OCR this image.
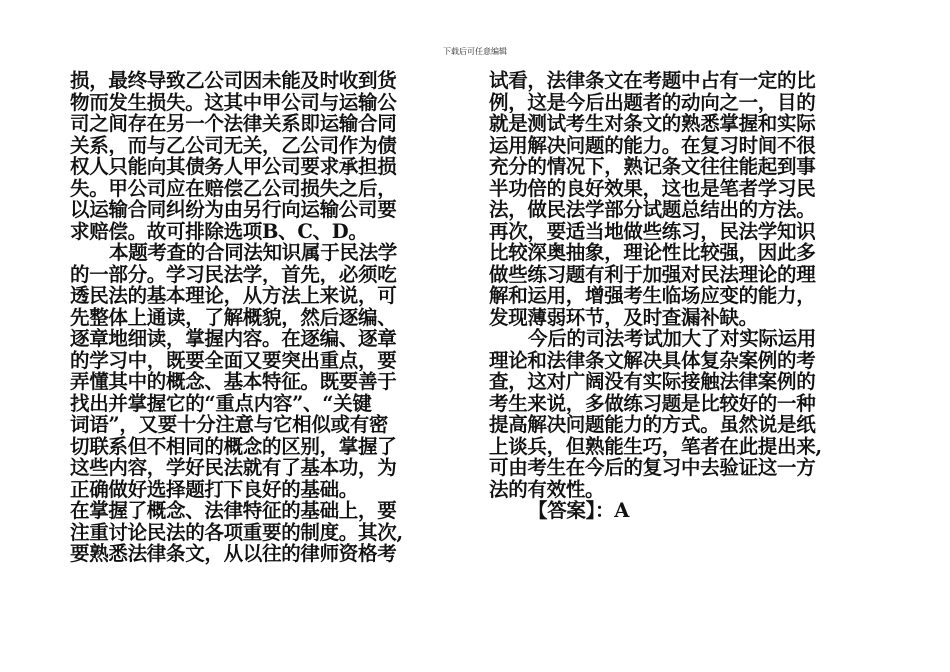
下载后可任意编辑
损，最终导致乙公司因未能及时收到货
物而发生损失。这其中甲公司与运输公
司之间存在另一个法律关系即运输合同
关系，而与乙公司无关，乙公司作为债
权人只能向其债务人甲公司要求承担损
失。甲公司应在赔偿乙公司损失之后，
以运输合同纠纷为由另行向运输公司要
求赔偿。故可排除选项B、C、D。
本题考查的合同法知识属于民法学
的一部分。学习民法学，首先，必须吃
透民法的基本理论，从方法上来说，可
先整体上通读，了解概貌，然后逐编、
逐章地细读，掌握内容。在逐编、逐章
的学习中，既要全面又要突出重点，要
弄懂其中的概念、基本特征。既要善于
找出并掌握它的“重点内容”、“关键
词语”，又要十分注意与它相似或有密
切联系但不相同的概念的区别，掌握了
这些内容，学好民法就有了基本功，为
正确做好选择题打下良好的基础。
在掌握了概念、法律特征的基础上，要
注重讨论民法的各项重要的制度。其次,
要熟悉法律条文，从以往的律师资格考
试看，法律条文在考题中占有一定的比
例，这是今后出题者的动向之一，目的
就是测试考生对条文的熟悉掌握和实际
运用解决问题的能力。在复习时间不很
充分的情况下，熟记条文往往能起到事
半功倍的良好效果，这也是笔者学习民
法，做民法学部分试题总结出的方法。
再次，要适当地做些练习，民法学知识
比较深奥抽象，理论性比较强，因此多
做些练习题有利于加强对民法理论的理
解和运用，增强考生临场应变的能力，
发现薄弱环节，及时查漏补缺。
今后的司法考试加大了对实际运用
理论和法律条文解决具体复杂案例的考
查，这对广阔没有实际接触法律案例的
考生来说，多做练习题是比较好的一种
提高解决问题能力的方式。虽然说是纸
上谈兵，但熟能生巧，笔者在此提出来,
可由考生在今后的复习中去验证这一方
法的有效性。
【答案】：A
